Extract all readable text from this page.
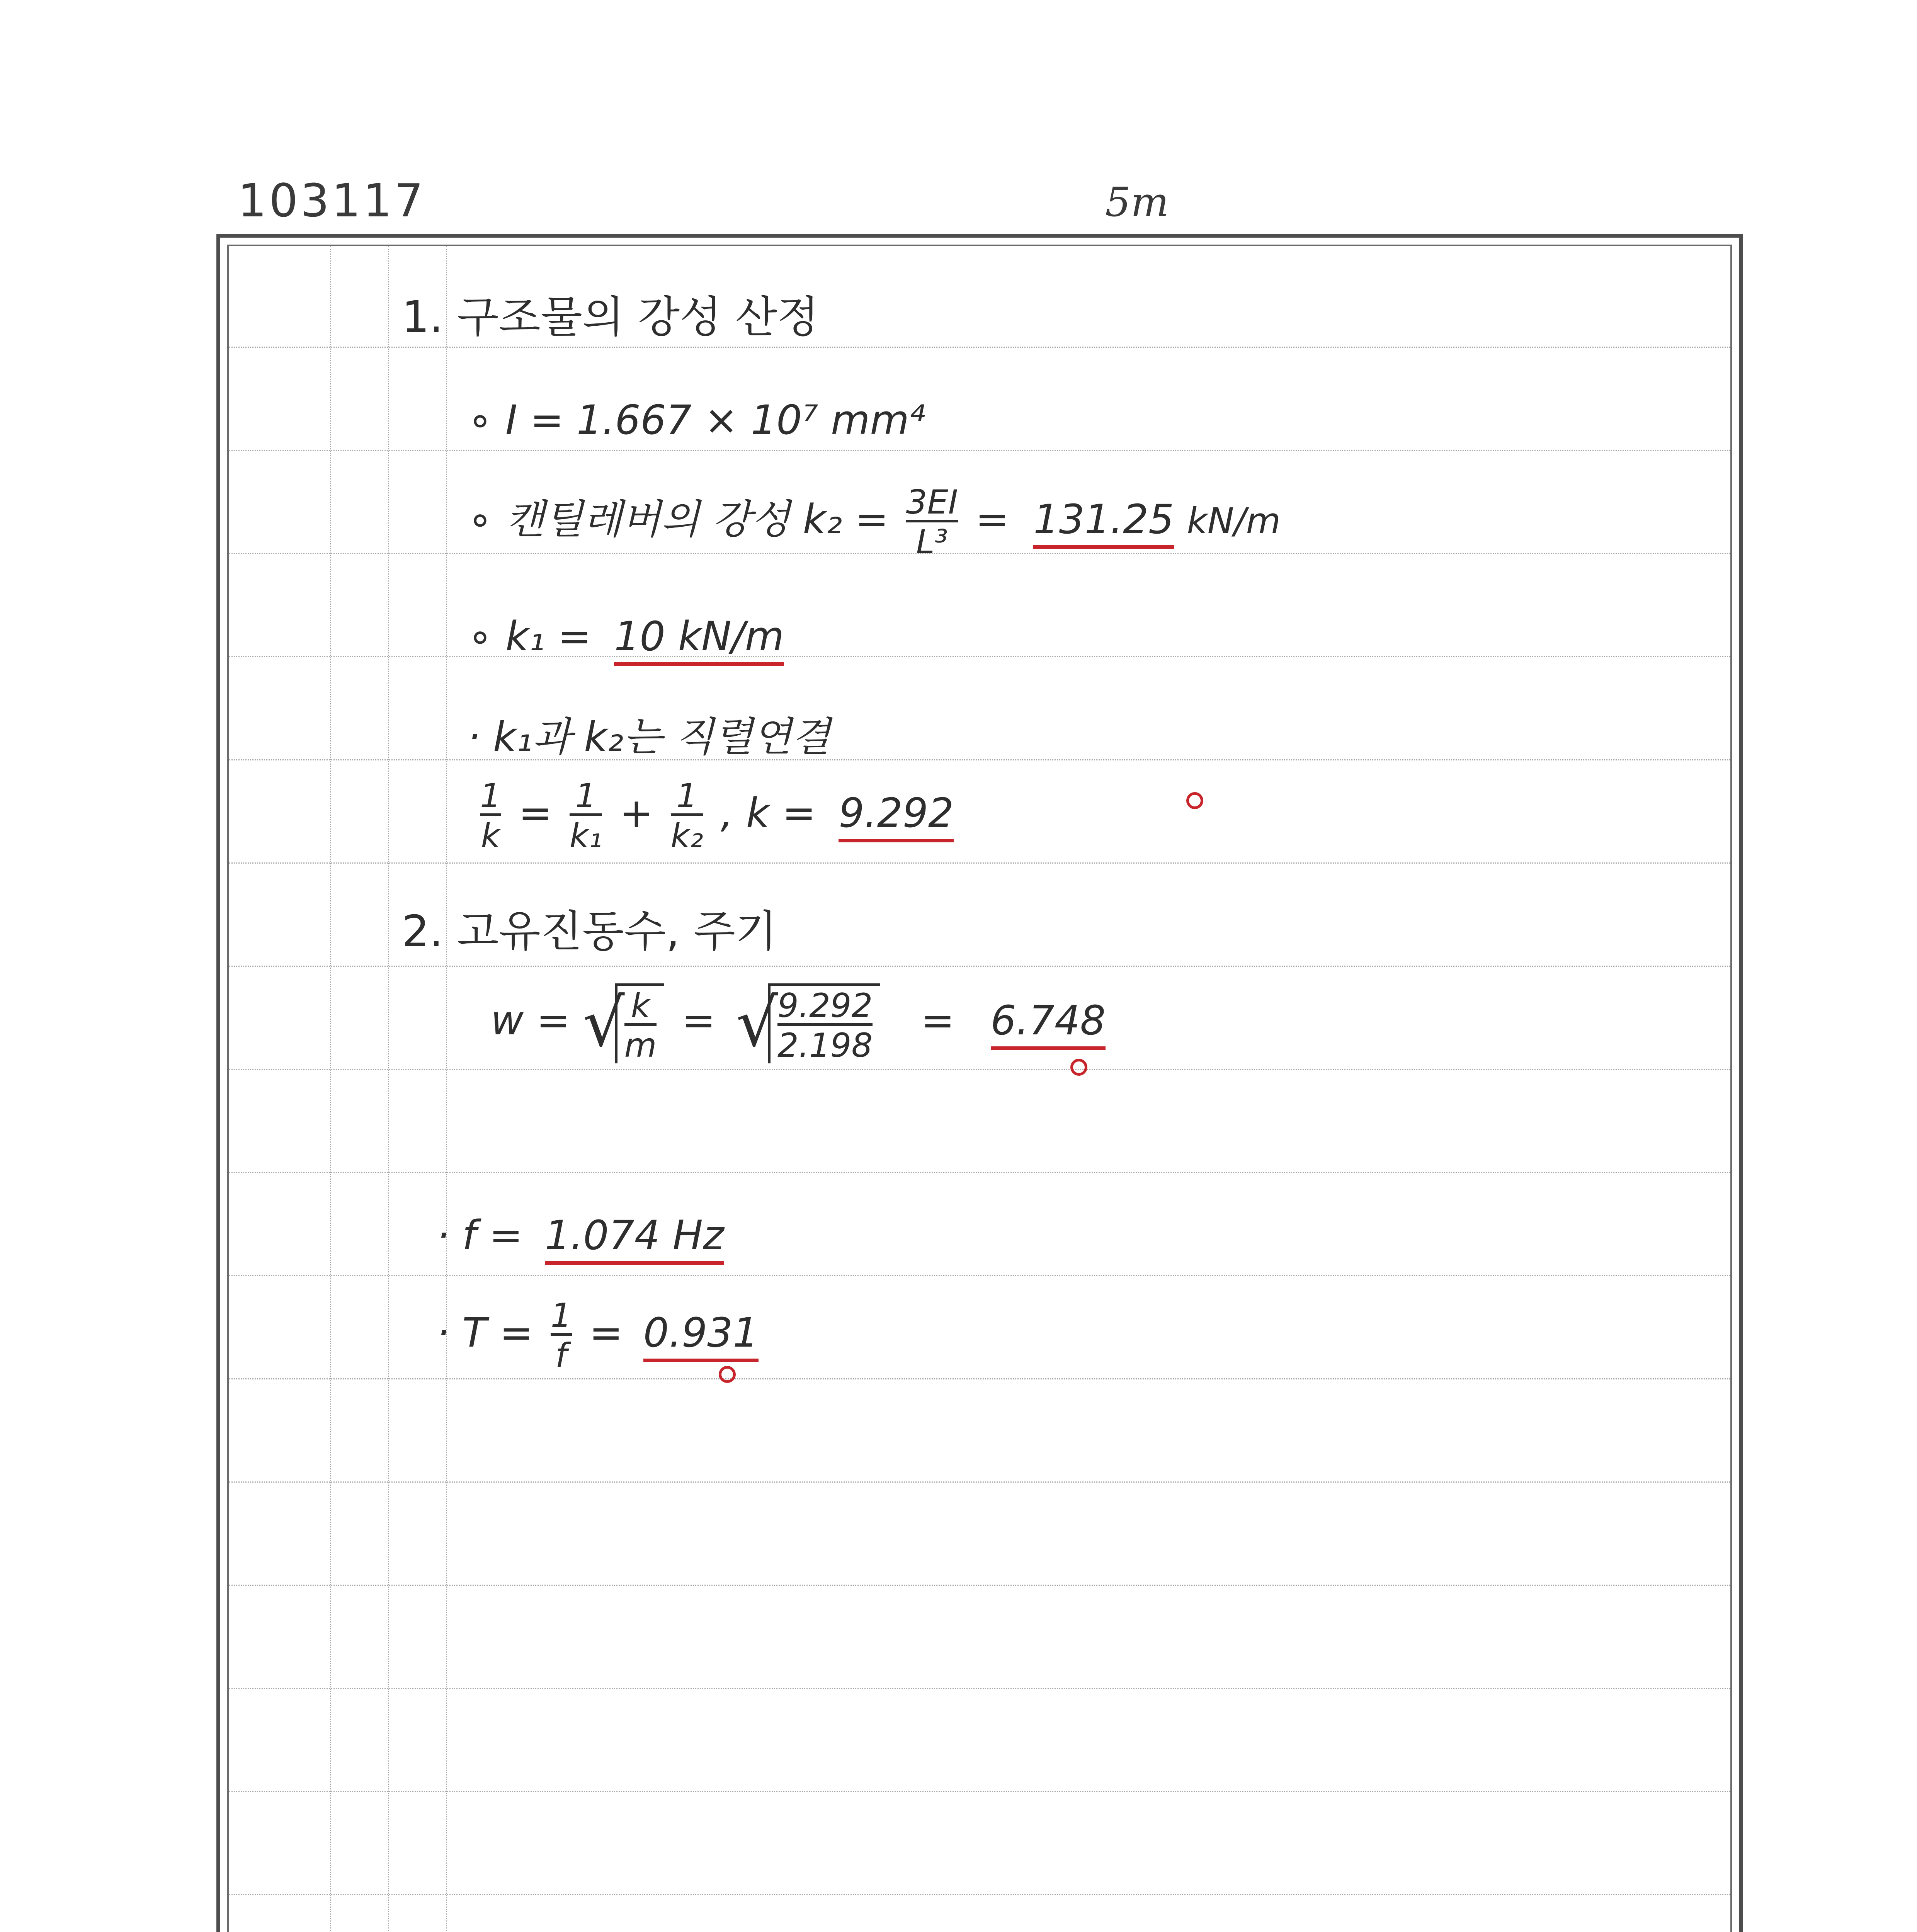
103117	5m
1. 구조물의 강성 산정
∘ I = 1.667 × 10⁷ mm⁴
∘ 캔틸레버의 강성 $k_2 = \frac{3EI}{\text{L³}} = 131.25$ kN/m
∘ k₁ = 10 kN/m
· k₁과 k₂는 직렬연결
$\frac{1}{k} = \frac{1}{\text{k₁}} + \frac{1}{\text{k₂}}$ , k = 9.292
2. 고유진동수, 주기
w = √
$\frac{k}{m}$ = √
$\frac{9.292}{2.198} = 6.748$
· f = 1.074 Hz
· $T = \frac{1}{f} = 0.931$
